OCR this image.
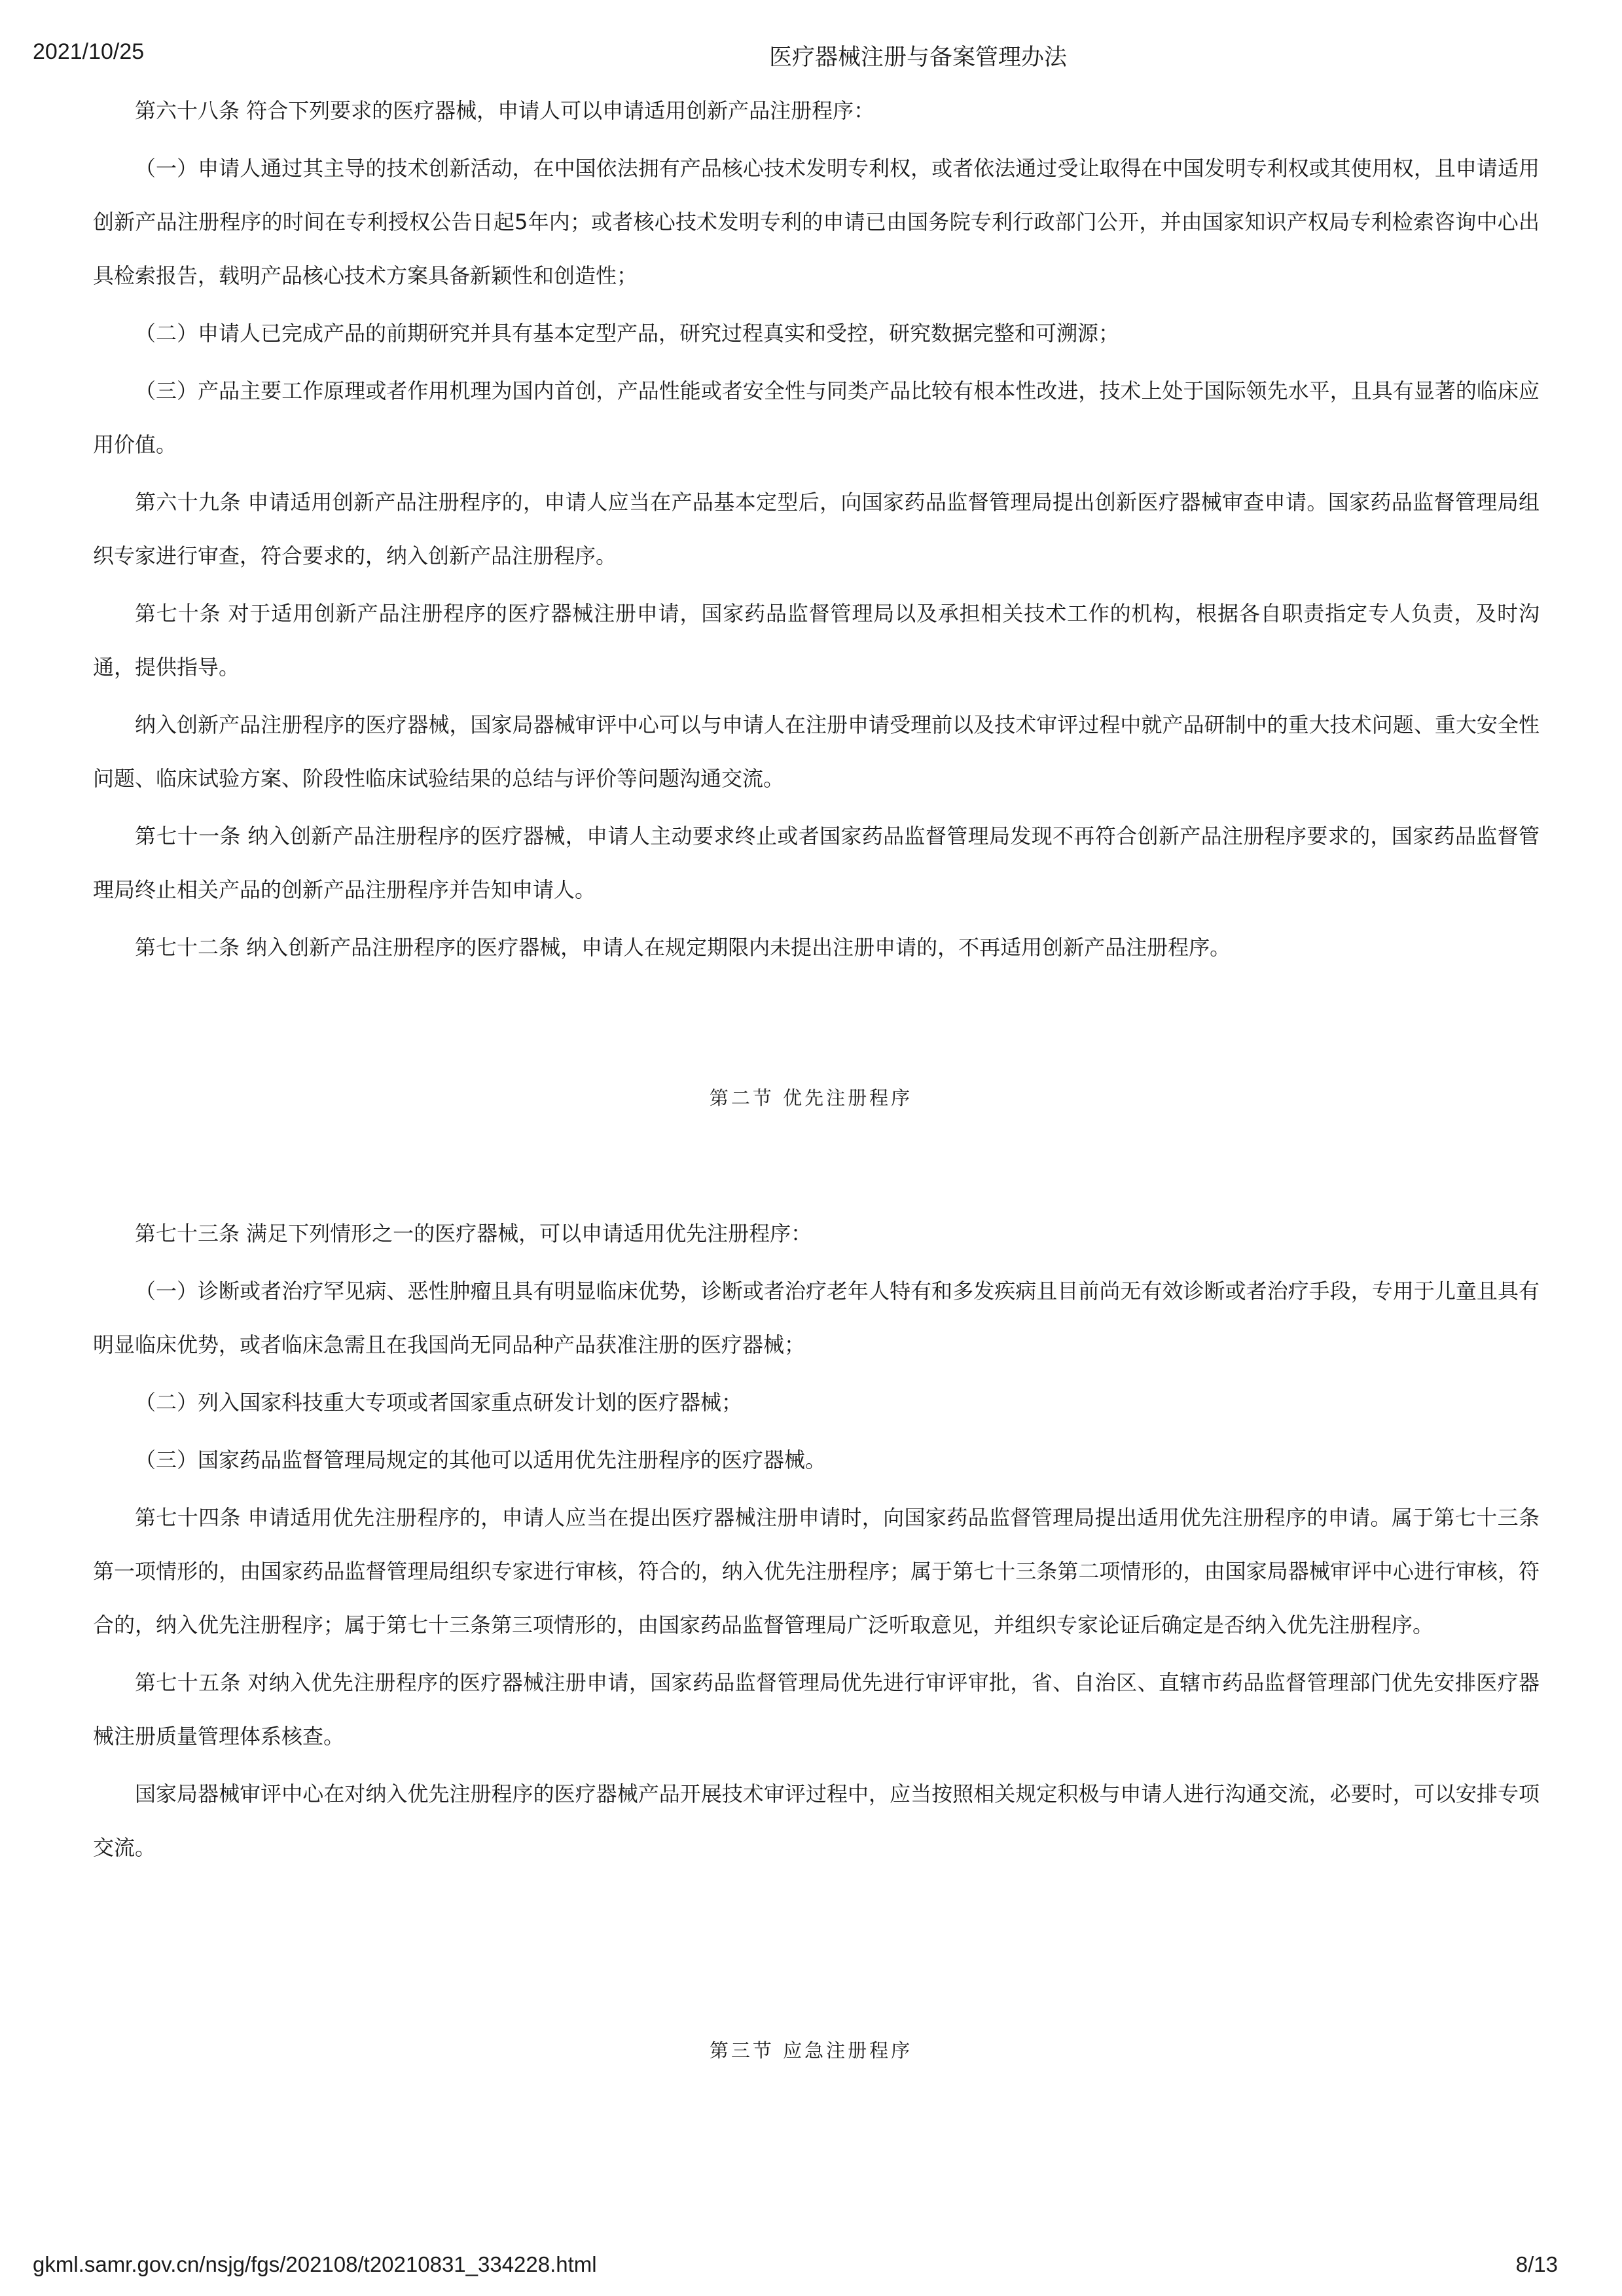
2021/10/25	医疗器械注册与备案管理办法

第六十八条 符合下列要求的医疗器械，申请人可以申请适用创新产品注册程序：

（一）申请人通过其主导的技术创新活动，在中国依法拥有产品核心技术发明专利权，或者依法通过受让取得在中国发明专利权或其使用权，且申请适用创新产品注册程序的时间在专利授权公告日起5年内；或者核心技术发明专利的申请已由国务院专利行政部门公开，并由国家知识产权局专利检索咨询中心出具检索报告，载明产品核心技术方案具备新颖性和创造性；

（二）申请人已完成产品的前期研究并具有基本定型产品，研究过程真实和受控，研究数据完整和可溯源；

（三）产品主要工作原理或者作用机理为国内首创，产品性能或者安全性与同类产品比较有根本性改进，技术上处于国际领先水平，且具有显著的临床应用价值。

第六十九条 申请适用创新产品注册程序的，申请人应当在产品基本定型后，向国家药品监督管理局提出创新医疗器械审查申请。国家药品监督管理局组织专家进行审查，符合要求的，纳入创新产品注册程序。

第七十条 对于适用创新产品注册程序的医疗器械注册申请，国家药品监督管理局以及承担相关技术工作的机构，根据各自职责指定专人负责，及时沟通，提供指导。

纳入创新产品注册程序的医疗器械，国家局器械审评中心可以与申请人在注册申请受理前以及技术审评过程中就产品研制中的重大技术问题、重大安全性问题、临床试验方案、阶段性临床试验结果的总结与评价等问题沟通交流。

第七十一条 纳入创新产品注册程序的医疗器械，申请人主动要求终止或者国家药品监督管理局发现不再符合创新产品注册程序要求的，国家药品监督管理局终止相关产品的创新产品注册程序并告知申请人。

第七十二条 纳入创新产品注册程序的医疗器械，申请人在规定期限内未提出注册申请的，不再适用创新产品注册程序。

第二节 优先注册程序

第七十三条 满足下列情形之一的医疗器械，可以申请适用优先注册程序：

（一）诊断或者治疗罕见病、恶性肿瘤且具有明显临床优势，诊断或者治疗老年人特有和多发疾病且目前尚无有效诊断或者治疗手段，专用于儿童且具有明显临床优势，或者临床急需且在我国尚无同品种产品获准注册的医疗器械；

（二）列入国家科技重大专项或者国家重点研发计划的医疗器械；

（三）国家药品监督管理局规定的其他可以适用优先注册程序的医疗器械。

第七十四条 申请适用优先注册程序的，申请人应当在提出医疗器械注册申请时，向国家药品监督管理局提出适用优先注册程序的申请。属于第七十三条第一项情形的，由国家药品监督管理局组织专家进行审核，符合的，纳入优先注册程序；属于第七十三条第二项情形的，由国家局器械审评中心进行审核，符合的，纳入优先注册程序；属于第七十三条第三项情形的，由国家药品监督管理局广泛听取意见，并组织专家论证后确定是否纳入优先注册程序。

第七十五条 对纳入优先注册程序的医疗器械注册申请，国家药品监督管理局优先进行审评审批，省、自治区、直辖市药品监督管理部门优先安排医疗器械注册质量管理体系核查。

国家局器械审评中心在对纳入优先注册程序的医疗器械产品开展技术审评过程中，应当按照相关规定积极与申请人进行沟通交流，必要时，可以安排专项交流。

第三节 应急注册程序
gkml.samr.gov.cn/nsjg/fgs/202108/t20210831_334228.html	8/13
